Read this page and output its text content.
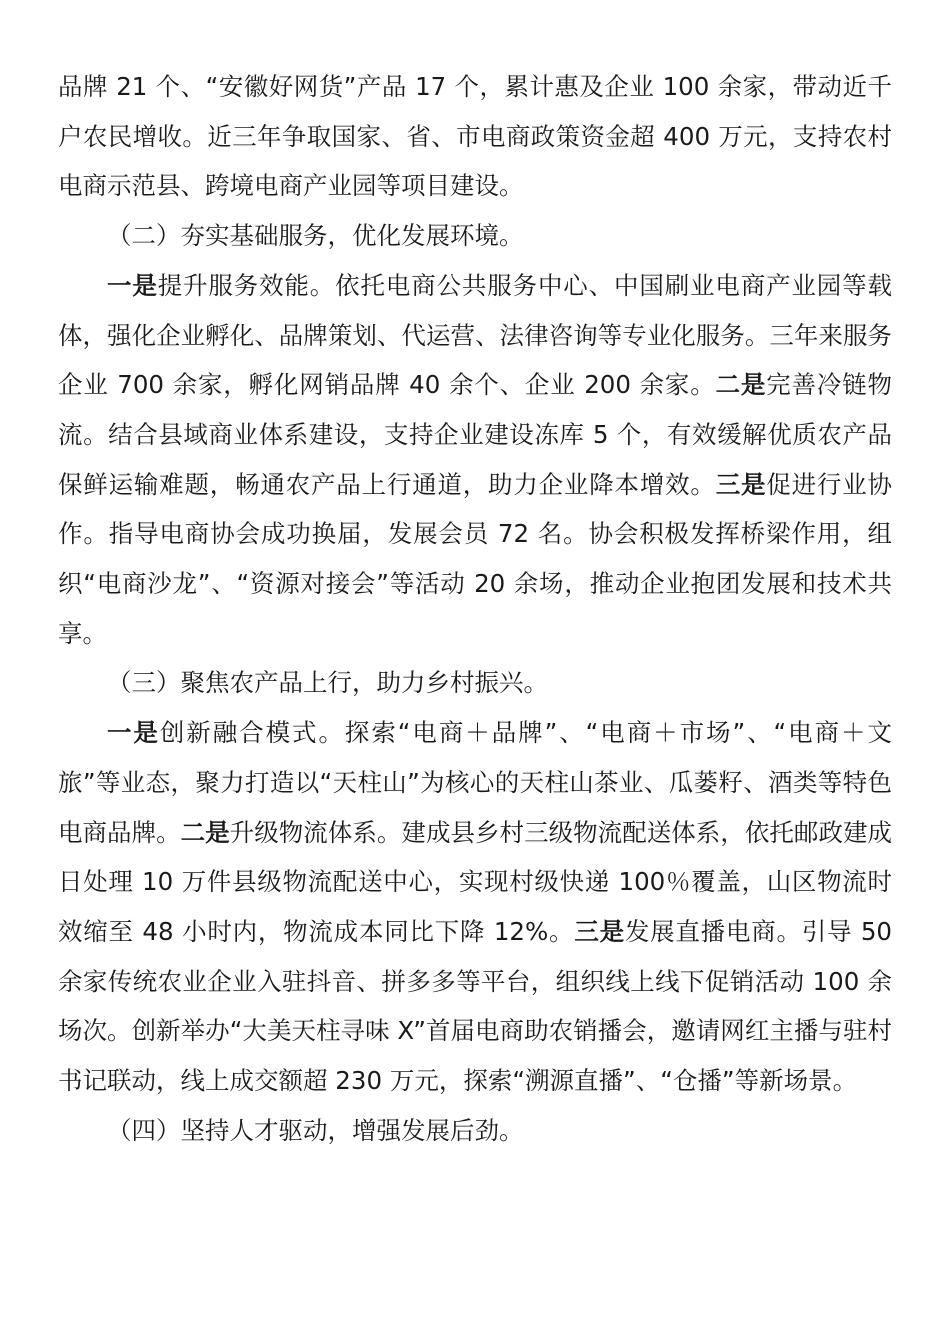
品牌 21 个、“安徽好网货”产品 17 个，累计惠及企业 100 余家，带动近千户农民增收。近三年争取国家、省、市电商政策资金超 400 万元，支持农村电商示范县、跨境电商产业园等项目建设。

（二）夯实基础服务，优化发展环境。

一是提升服务效能。依托电商公共服务中心、中国刷业电商产业园等载体，强化企业孵化、品牌策划、代运营、法律咨询等专业化服务。三年来服务企业 700 余家，孵化网销品牌 40 余个、企业 200 余家。二是完善冷链物流。结合县域商业体系建设，支持企业建设冻库 5 个，有效缓解优质农产品保鲜运输难题，畅通农产品上行通道，助力企业降本增效。三是促进行业协作。指导电商协会成功换届，发展会员 72 名。协会积极发挥桥梁作用，组织“电商沙龙”、“资源对接会”等活动 20 余场，推动企业抱团发展和技术共享。

（三）聚焦农产品上行，助力乡村振兴。

一是创新融合模式。探索“电商＋品牌”、“电商＋市场”、“电商＋文旅”等业态，聚力打造以“天柱山”为核心的天柱山茶业、瓜蒌籽、酒类等特色电商品牌。二是升级物流体系。建成县乡村三级物流配送体系，依托邮政建成日处理 10 万件县级物流配送中心，实现村级快递 100％覆盖，山区物流时效缩至 48 小时内，物流成本同比下降 12%。三是发展直播电商。引导 50 余家传统农业企业入驻抖音、拼多多等平台，组织线上线下促销活动 100 余场次。创新举办“大美天柱寻味 X”首届电商助农销播会，邀请网红主播与驻村书记联动，线上成交额超 230 万元，探索“溯源直播”、“仓播”等新场景。

（四）坚持人才驱动，增强发展后劲。
